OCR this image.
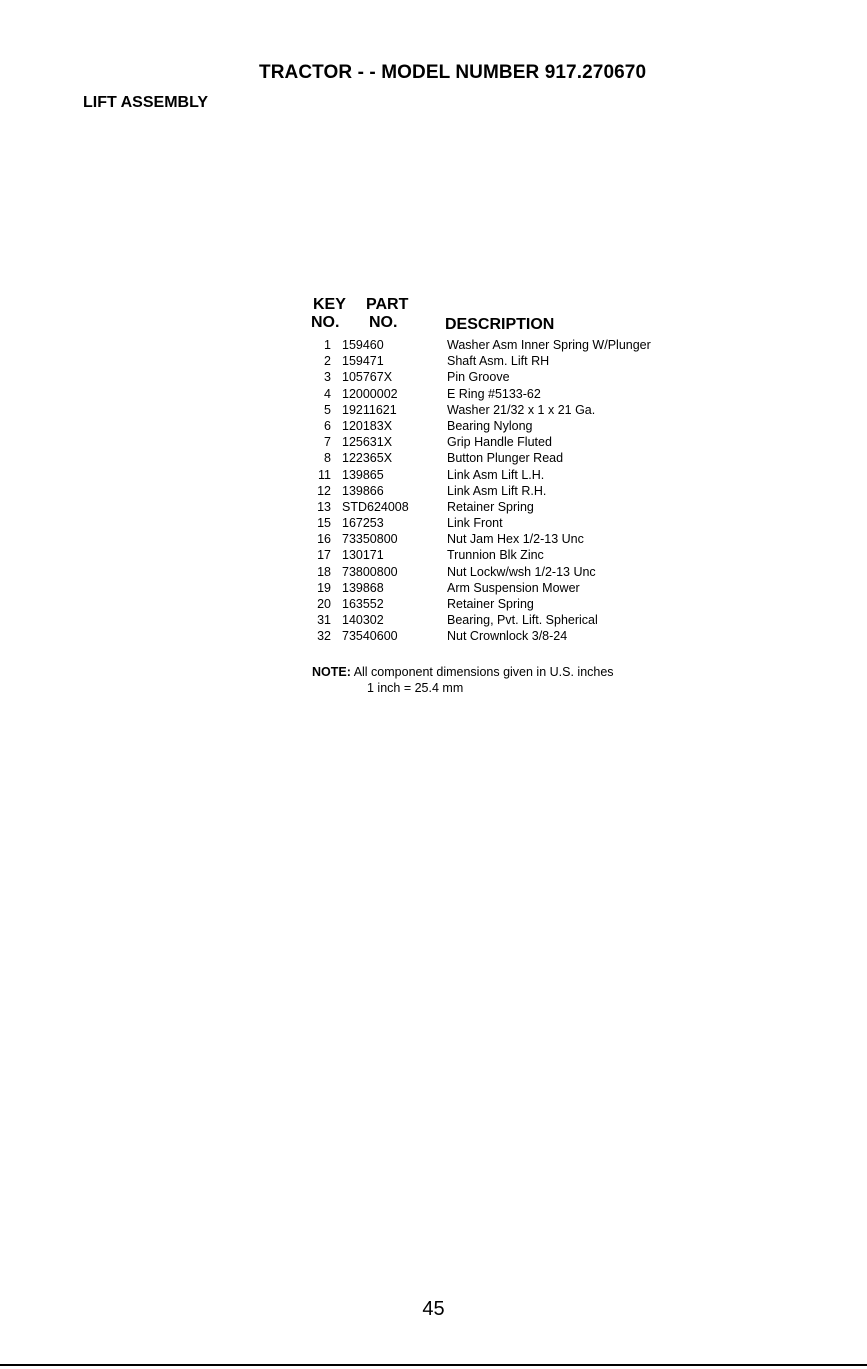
TRACTOR - - MODEL NUMBER 917.270670
LIFT ASSEMBLY
KEY PART
NO. NO.	DESCRIPTION
1 159460	Washer Asm Inner Spring W/Plunger
2 159471	Shaft Asm. Lift RH
3 105767X	Pin Groove
4 12000002	E Ring #5133-62
5 19211621	Washer 21/32 x 1 x 21 Ga.
6 120183X	Bearing Nylong
7 125631X	Grip Handle Fluted
8 122365X	Button Plunger Read
11 139865	Link Asm Lift L.H.
12 139866	Link Asm Lift R.H.
13 STD624008	Retainer Spring
15 167253	Link Front
16 73350800	Nut Jam Hex 1/2-13 Unc
17 130171	Trunnion Blk Zinc
18 73800800	Nut Lockw/wsh 1/2-13 Unc
19 139868	Arm Suspension Mower
20 163552	Retainer Spring
31 140302	Bearing, Pvt. Lift. Spherical
32 73540600	Nut Crownlock 3/8-24
NOTE: All component dimensions given in U.S. inches
1 inch = 25.4 mm
45
